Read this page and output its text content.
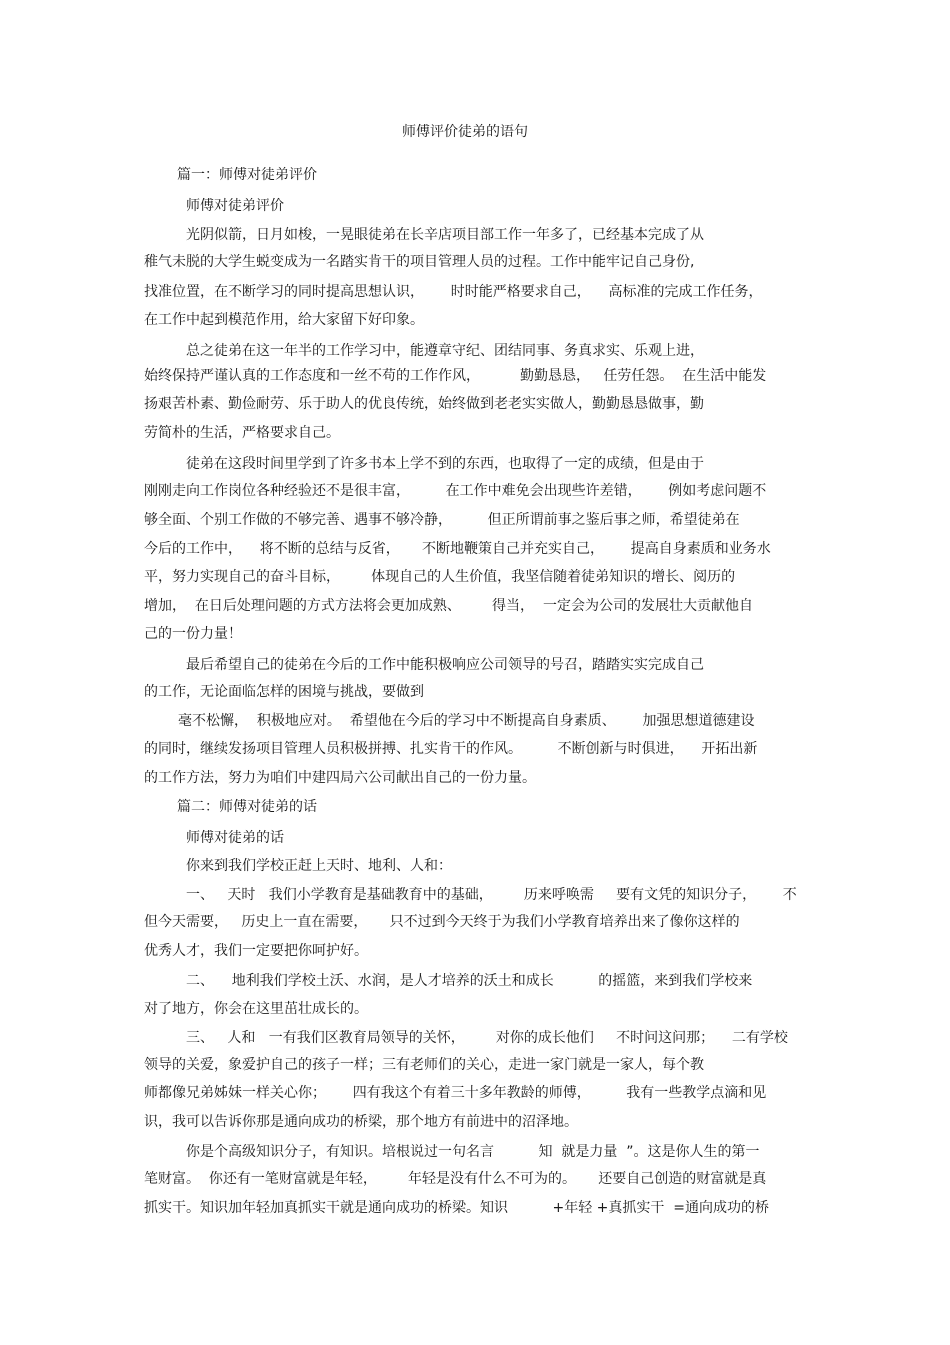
师傅评价徒弟的语句
篇一：师傅对徒弟评价
师傅对徒弟评价
光阴似箭，日月如梭，一晃眼徒弟在长辛店项目部工作一年多了，已经基本完成了从
稚气未脱的大学生蜕变成为一名踏实肯干的项目管理人员的过程。工作中能牢记自己身份,
找准位置，在不断学习的同时提高思想认识，      时时能严格要求自己，    高标准的完成工作任务，
在工作中起到模范作用，给大家留下好印象。
总之徒弟在这一年半的工作学习中，能遵章守纪、团结同事、务真求实、乐观上进，
始终保持严谨认真的工作态度和一丝不苟的工作作风，         勤勤恳恳，   任劳任怨。  在生活中能发
扬艰苦朴素、勤俭耐劳、乐于助人的优良传统，始终做到老老实实做人，勤勤恳恳做事，勤
劳简朴的生活，严格要求自己。
徒弟在这段时间里学到了许多书本上学不到的东西，也取得了一定的成绩，但是由于
刚刚走向工作岗位各种经验还不是很丰富，        在工作中难免会出现些许差错，      例如考虑问题不
够全面、个别工作做的不够完善、遇事不够冷静，        但正所谓前事之鉴后事之师，希望徒弟在
今后的工作中，    将不断的总结与反省，     不断地鞭策自己并充实自己，      提高自身素质和业务水
平，努力实现自己的奋斗目标，       体现自己的人生价值，我坚信随着徒弟知识的增长、阅历的
增加，  在日后处理问题的方式方法将会更加成熟、       得当，  一定会为公司的发展壮大贡献他自
己的一份力量！
最后希望自己的徒弟在今后的工作中能积极响应公司领导的号召，踏踏实实完成自己
的工作，无论面临怎样的困境与挑战，要做到
毫不松懈，  积极地应对。  希望他在今后的学习中不断提高自身素质、      加强思想道德建设
的同时，继续发扬项目管理人员积极拼搏、扎实肯干的作风。        不断创新与时俱进，    开拓出新
的工作方法，努力为咱们中建四局六公司献出自己的一份力量。
篇二：师傅对徒弟的话
师傅对徒弟的话
你来到我们学校正赶上天时、地利、人和：
一、   天时   我们小学教育是基础教育中的基础，       历来呼唤需     要有文凭的知识分子，      不
但今天需要，   历史上一直在需要，     只不过到今天终于为我们小学教育培养出来了像你这样的
优秀人才，我们一定要把你呵护好。
二、    地利我们学校土沃、水润，是人才培养的沃土和成长          的摇篮，来到我们学校来
对了地方，你会在这里茁壮成长的。
三、   人和   一有我们区教育局领导的关怀，       对你的成长他们     不时问这问那；    二有学校
领导的关爱，象爱护自己的孩子一样；三有老师们的关心，走进一家门就是一家人，每个教
师都像兄弟姊妹一样关心你；      四有我这个有着三十多年教龄的师傅，        我有一些教学点滴和见
识，我可以告诉你那是通向成功的桥梁，那个地方有前进中的沼泽地。
你是个高级知识分子，有知识。培根说过一句名言          知  就是力量  ”。这是你人生的第一
笔财富。  你还有一笔财富就是年轻，       年轻是没有什么不可为的。     还要自己创造的财富就是真
抓实干。知识加年轻加真抓实干就是通向成功的桥梁。知识          +年轻 +真抓实干  =通向成功的桥
